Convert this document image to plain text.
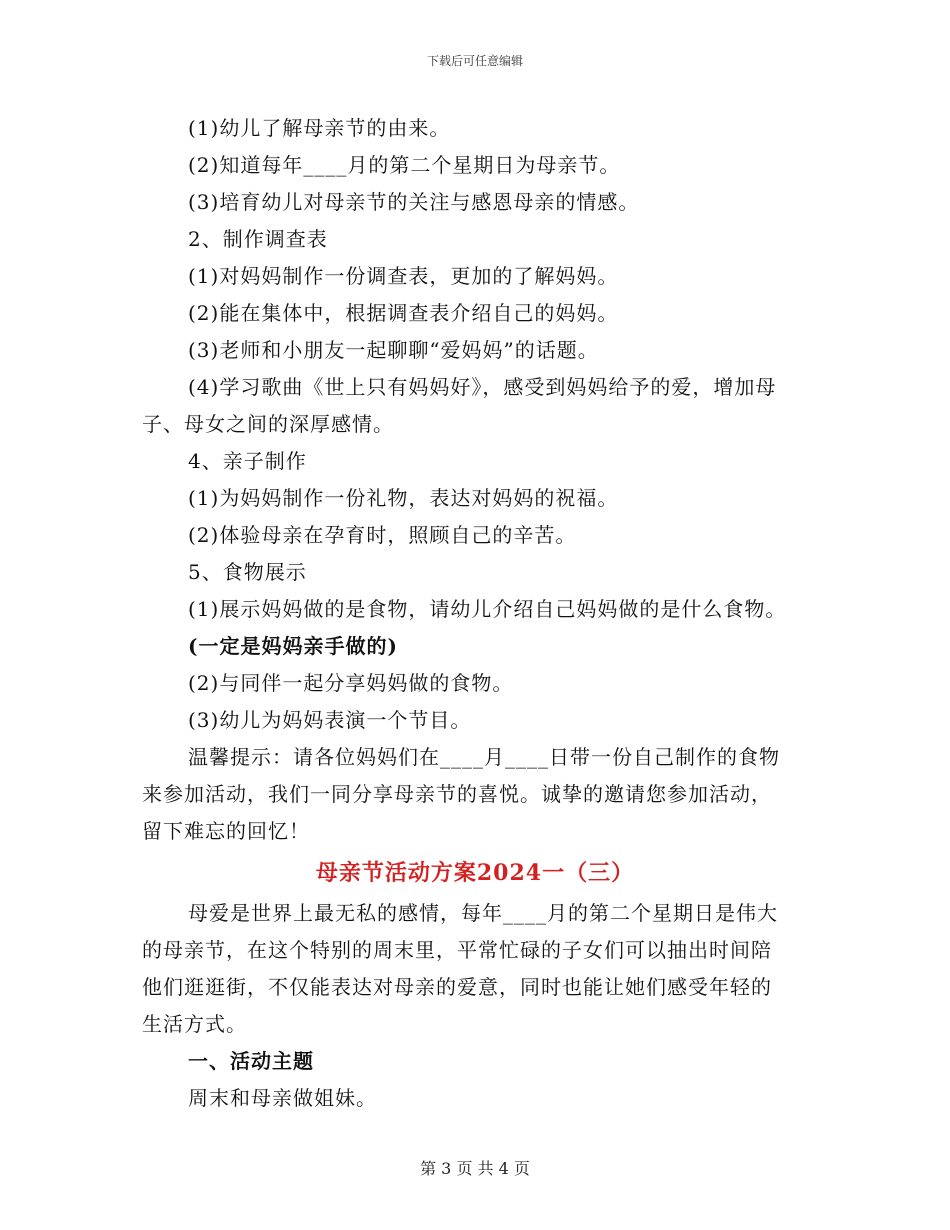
下载后可任意编辑
(1)幼儿了解母亲节的由来。
(2)知道每年____月的第二个星期日为母亲节。
(3)培育幼儿对母亲节的关注与感恩母亲的情感。
2、制作调查表
(1)对妈妈制作一份调查表，更加的了解妈妈。
(2)能在集体中，根据调查表介绍自己的妈妈。
(3)老师和小朋友一起聊聊“爱妈妈”的话题。
(4)学习歌曲《世上只有妈妈好》，感受到妈妈给予的爱，增加母
子、母女之间的深厚感情。
4、亲子制作
(1)为妈妈制作一份礼物，表达对妈妈的祝福。
(2)体验母亲在孕育时，照顾自己的辛苦。
5、食物展示
(1)展示妈妈做的是食物，请幼儿介绍自己妈妈做的是什么食物。
(一定是妈妈亲手做的)
(2)与同伴一起分享妈妈做的食物。
(3)幼儿为妈妈表演一个节目。
温馨提示：请各位妈妈们在____月____日带一份自己制作的食物
来参加活动，我们一同分享母亲节的喜悦。诚挚的邀请您参加活动，
留下难忘的回忆！
母亲节活动方案2024一（三）
母爱是世界上最无私的感情，每年____月的第二个星期日是伟大
的母亲节，在这个特别的周末里，平常忙碌的子女们可以抽出时间陪
他们逛逛街，不仅能表达对母亲的爱意，同时也能让她们感受年轻的
生活方式。
一、活动主题
周末和母亲做姐妹。
第 3 页 共 4 页
